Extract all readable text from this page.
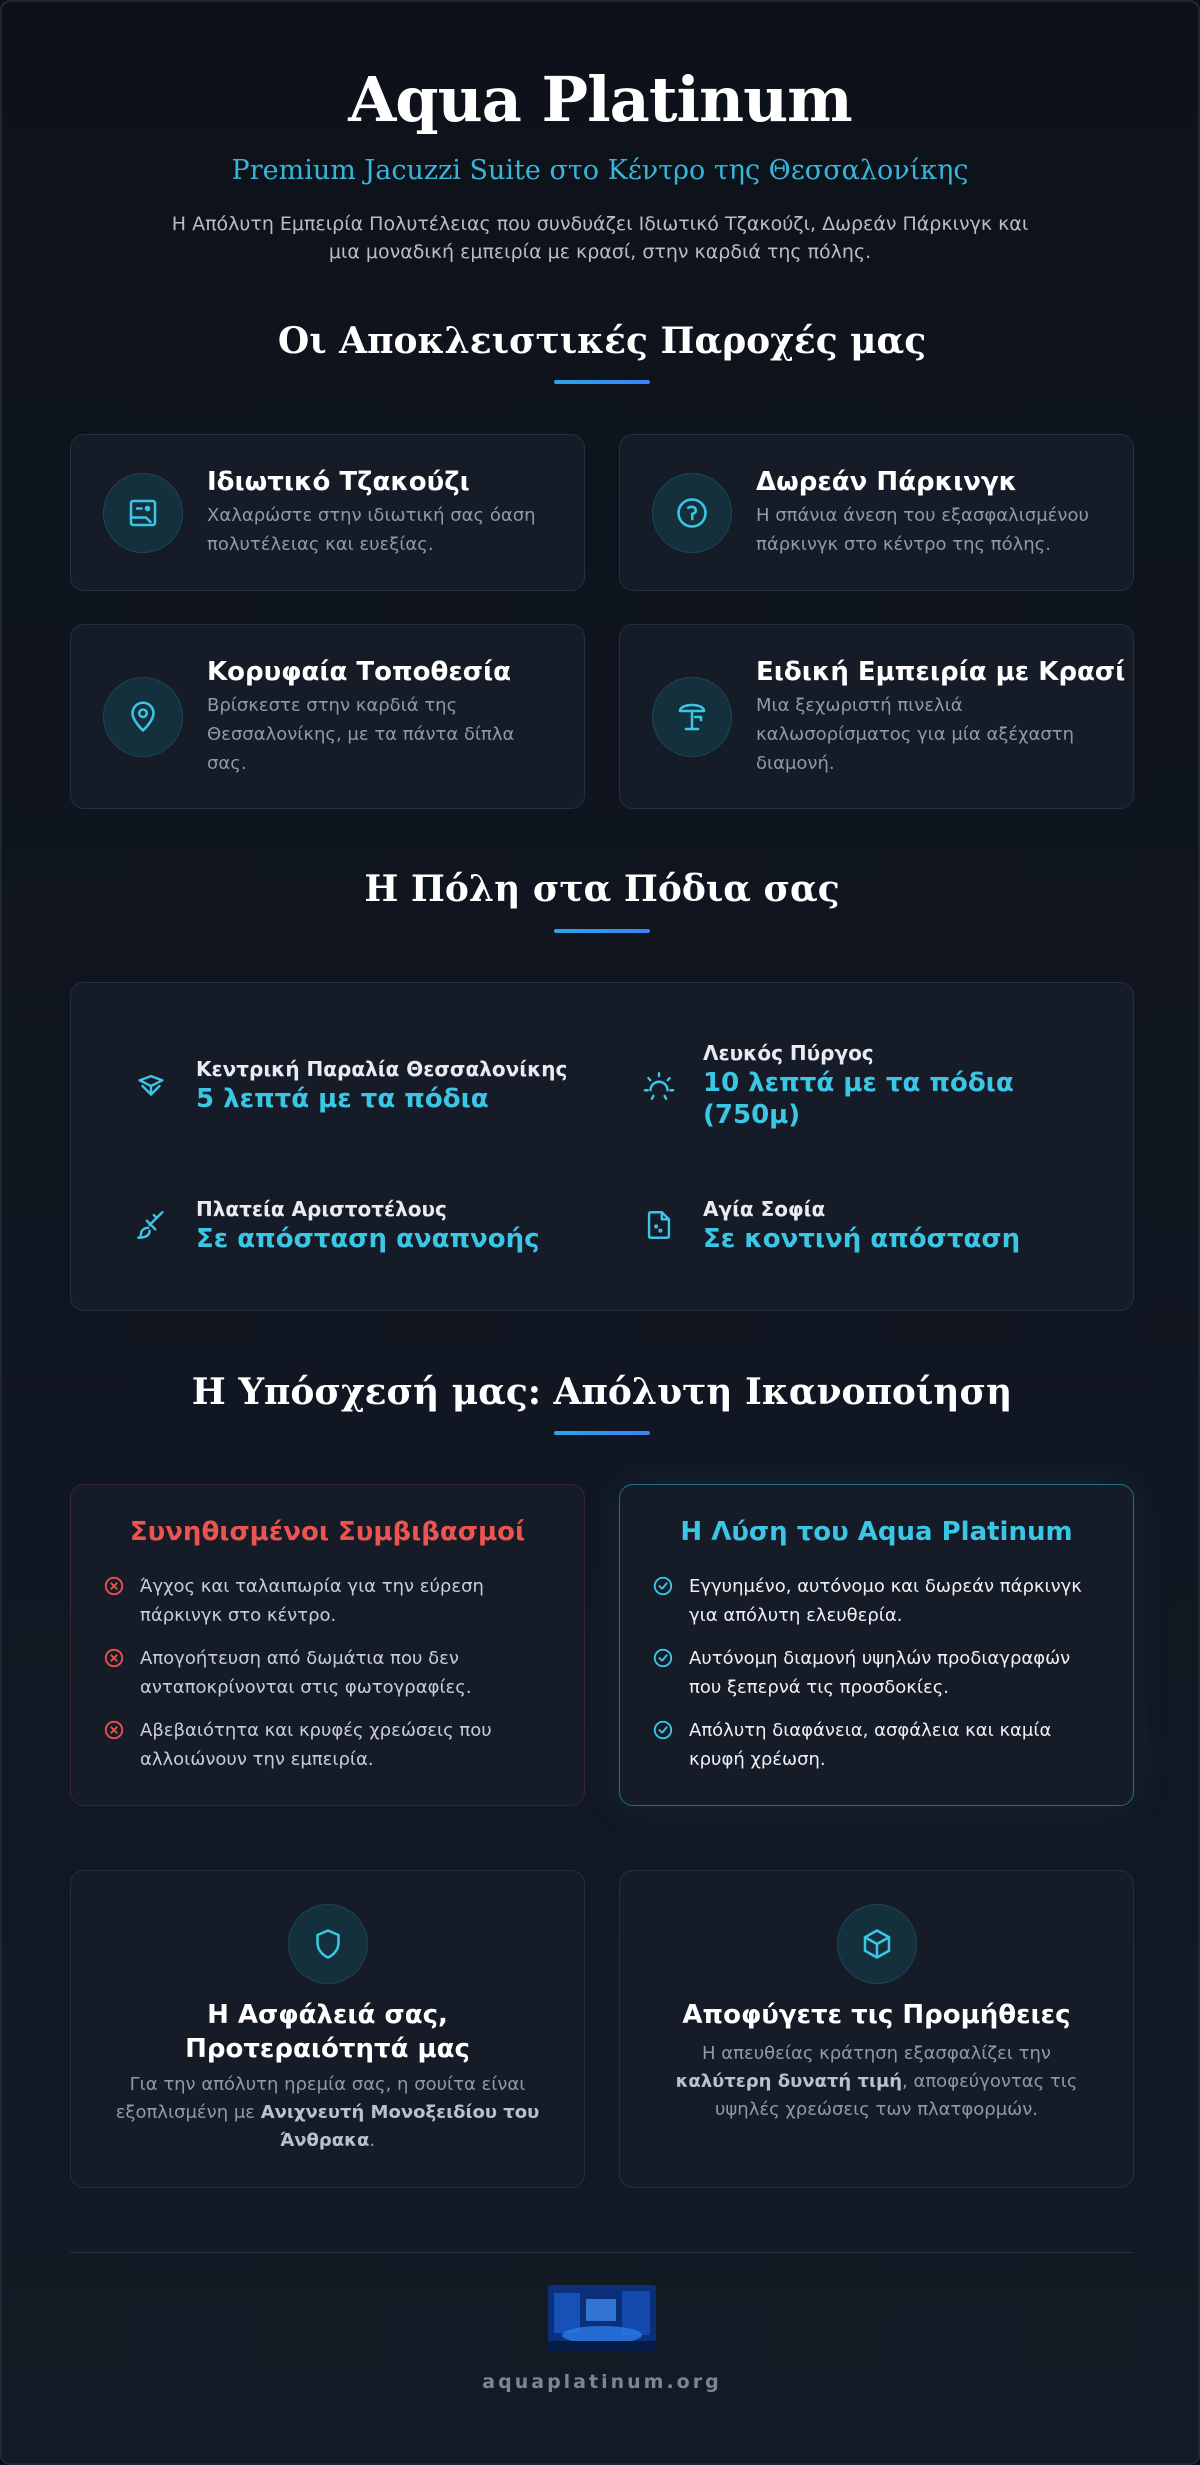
Aqua Platinum
Premium Jacuzzi Suite στο Κέντρο της Θεσσαλονίκης
Η Απόλυτη Εμπειρία Πολυτέλειας που συνδυάζει Ιδιωτικό Τζακούζι, Δωρεάν Πάρκινγκ και μια μοναδική εμπειρία με κρασί, στην καρδιά της πόλης.
Οι Αποκλειστικές Παροχές μας
Ιδιωτικό Τζακούζι
Χαλαρώστε στην ιδιωτική σας όαση πολυτέλειας και ευεξίας.
Δωρεάν Πάρκινγκ
Η σπάνια άνεση του εξασφαλισμένου πάρκινγκ στο κέντρο της πόλης.
Κορυφαία Τοποθεσία
Βρίσκεστε στην καρδιά της Θεσσαλονίκης, με τα πάντα δίπλα σας.
Ειδική Εμπειρία με Κρασί
Μια ξεχωριστή πινελιά καλωσορίσματος για μία αξέχαστη διαμονή.
Η Πόλη στα Πόδια σας
Κεντρική Παραλία Θεσσαλονίκης
5 λεπτά με τα πόδια
Λευκός Πύργος
10 λεπτά με τα πόδια (750μ)
Πλατεία Αριστοτέλους
Σε απόσταση αναπνοής
Αγία Σοφία
Σε κοντινή απόσταση
Η Υπόσχεσή μας: Απόλυτη Ικανοποίηση
Συνηθισμένοι Συμβιβασμοί
Άγχος και ταλαιπωρία για την εύρεση πάρκινγκ στο κέντρο.
Απογοήτευση από δωμάτια που δεν ανταποκρίνονται στις φωτογραφίες.
Αβεβαιότητα και κρυφές χρεώσεις που αλλοιώνουν την εμπειρία.
Η Λύση του Aqua Platinum
Εγγυημένο, αυτόνομο και δωρεάν πάρκινγκ για απόλυτη ελευθερία.
Αυτόνομη διαμονή υψηλών προδιαγραφών που ξεπερνά τις προσδοκίες.
Απόλυτη διαφάνεια, ασφάλεια και καμία κρυφή χρέωση.
Η Ασφάλειά σας, Προτεραιότητά μας
Για την απόλυτη ηρεμία σας, η σουίτα είναι εξοπλισμένη με Ανιχνευτή Μονοξειδίου του Άνθρακα.
Αποφύγετε τις Προμήθειες
Η απευθείας κράτηση εξασφαλίζει την καλύτερη δυνατή τιμή, αποφεύγοντας τις υψηλές χρεώσεις των πλατφορμών.
aquaplatinum.org
